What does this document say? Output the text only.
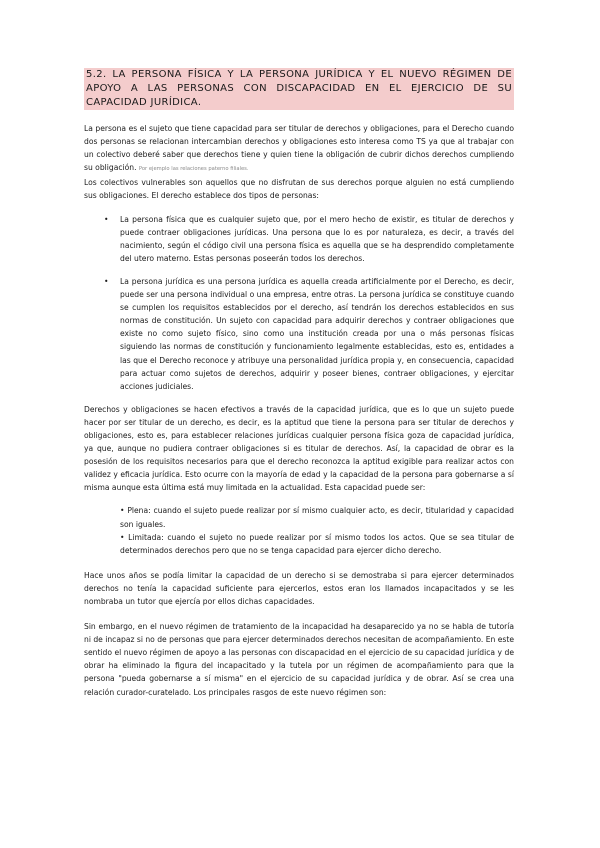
5.2. LA PERSONA FÍSICA Y LA PERSONA JURÍDICA Y EL NUEVO RÉGIMEN DE APOYO A LAS PERSONAS CON DISCAPACIDAD EN EL EJERCICIO DE SU CAPACIDAD JURÍDICA.

La persona es el sujeto que tiene capacidad para ser titular de derechos y obligaciones, para el Derecho cuando dos personas se relacionan intercambian derechos y obligaciones esto interesa como TS ya que al trabajar con un colectivo deberé saber que derechos tiene y quien tiene la obligación de cubrir dichos derechos cumpliendo su obligación. Por ejemplo las relaciones paterno filiales.

Los colectivos vulnerables son aquellos que no disfrutan de sus derechos porque alguien no está cumpliendo sus obligaciones. El derecho establece dos tipos de personas:

• La persona física que es cualquier sujeto que, por el mero hecho de existir, es titular de derechos y puede contraer obligaciones jurídicas. Una persona que lo es por naturaleza, es decir, a través del nacimiento, según el código civil una persona física es aquella que se ha desprendido completamente del utero materno. Estas personas poseerán todos los derechos.
• La persona jurídica es una persona jurídica es aquella creada artificialmente por el Derecho, es decir, puede ser una persona individual o una empresa, entre otras. La persona jurídica se constituye cuando se cumplen los requisitos establecidos por el derecho, así tendrán los derechos establecidos en sus normas de constitución. Un sujeto con capacidad para adquirir derechos y contraer obligaciones que existe no como sujeto físico, sino como una institución creada por una o más personas físicas siguiendo las normas de constitución y funcionamiento legalmente establecidas, esto es, entidades a las que el Derecho reconoce y atribuye una personalidad jurídica propia y, en consecuencia, capacidad para actuar como sujetos de derechos, adquirir y poseer bienes, contraer obligaciones, y ejercitar acciones judiciales.

Derechos y obligaciones se hacen efectivos a través de la capacidad jurídica, que es lo que un sujeto puede hacer por ser titular de un derecho, es decir, es la aptitud que tiene la persona para ser titular de derechos y obligaciones, esto es, para establecer relaciones jurídicas cualquier persona física goza de capacidad jurídica, ya que, aunque no pudiera contraer obligaciones si es titular de derechos. Así, la capacidad de obrar es la posesión de los requisitos necesarios para que el derecho reconozca la aptitud exigible para realizar actos con validez y eficacia jurídica. Esto ocurre con la mayoría de edad y la capacidad de la persona para gobernarse a sí misma aunque esta última está muy limitada en la actualidad. Esta capacidad puede ser:

• Plena: cuando el sujeto puede realizar por sí mismo cualquier acto, es decir, titularidad y capacidad son iguales.
• Limitada: cuando el sujeto no puede realizar por sí mismo todos los actos. Que se sea titular de determinados derechos pero que no se tenga capacidad para ejercer dicho derecho.

Hace unos años se podía limitar la capacidad de un derecho si se demostraba si para ejercer determinados derechos no tenía la capacidad suficiente para ejercerlos, estos eran los llamados incapacitados y se les nombraba un tutor que ejercía por ellos dichas capacidades.

Sin embargo, en el nuevo régimen de tratamiento de la incapacidad ha desaparecido ya no se habla de tutoría ni de incapaz si no de personas que para ejercer determinados derechos necesitan de acompañamiento. En este sentido el nuevo régimen de apoyo a las personas con discapacidad en el ejercicio de su capacidad jurídica y de obrar ha eliminado la figura del incapacitado y la tutela por un régimen de acompañamiento para que la persona "pueda gobernarse a sí misma" en el ejercicio de su capacidad jurídica y de obrar. Así se crea una relación curador-curatelado. Los principales rasgos de este nuevo régimen son:
